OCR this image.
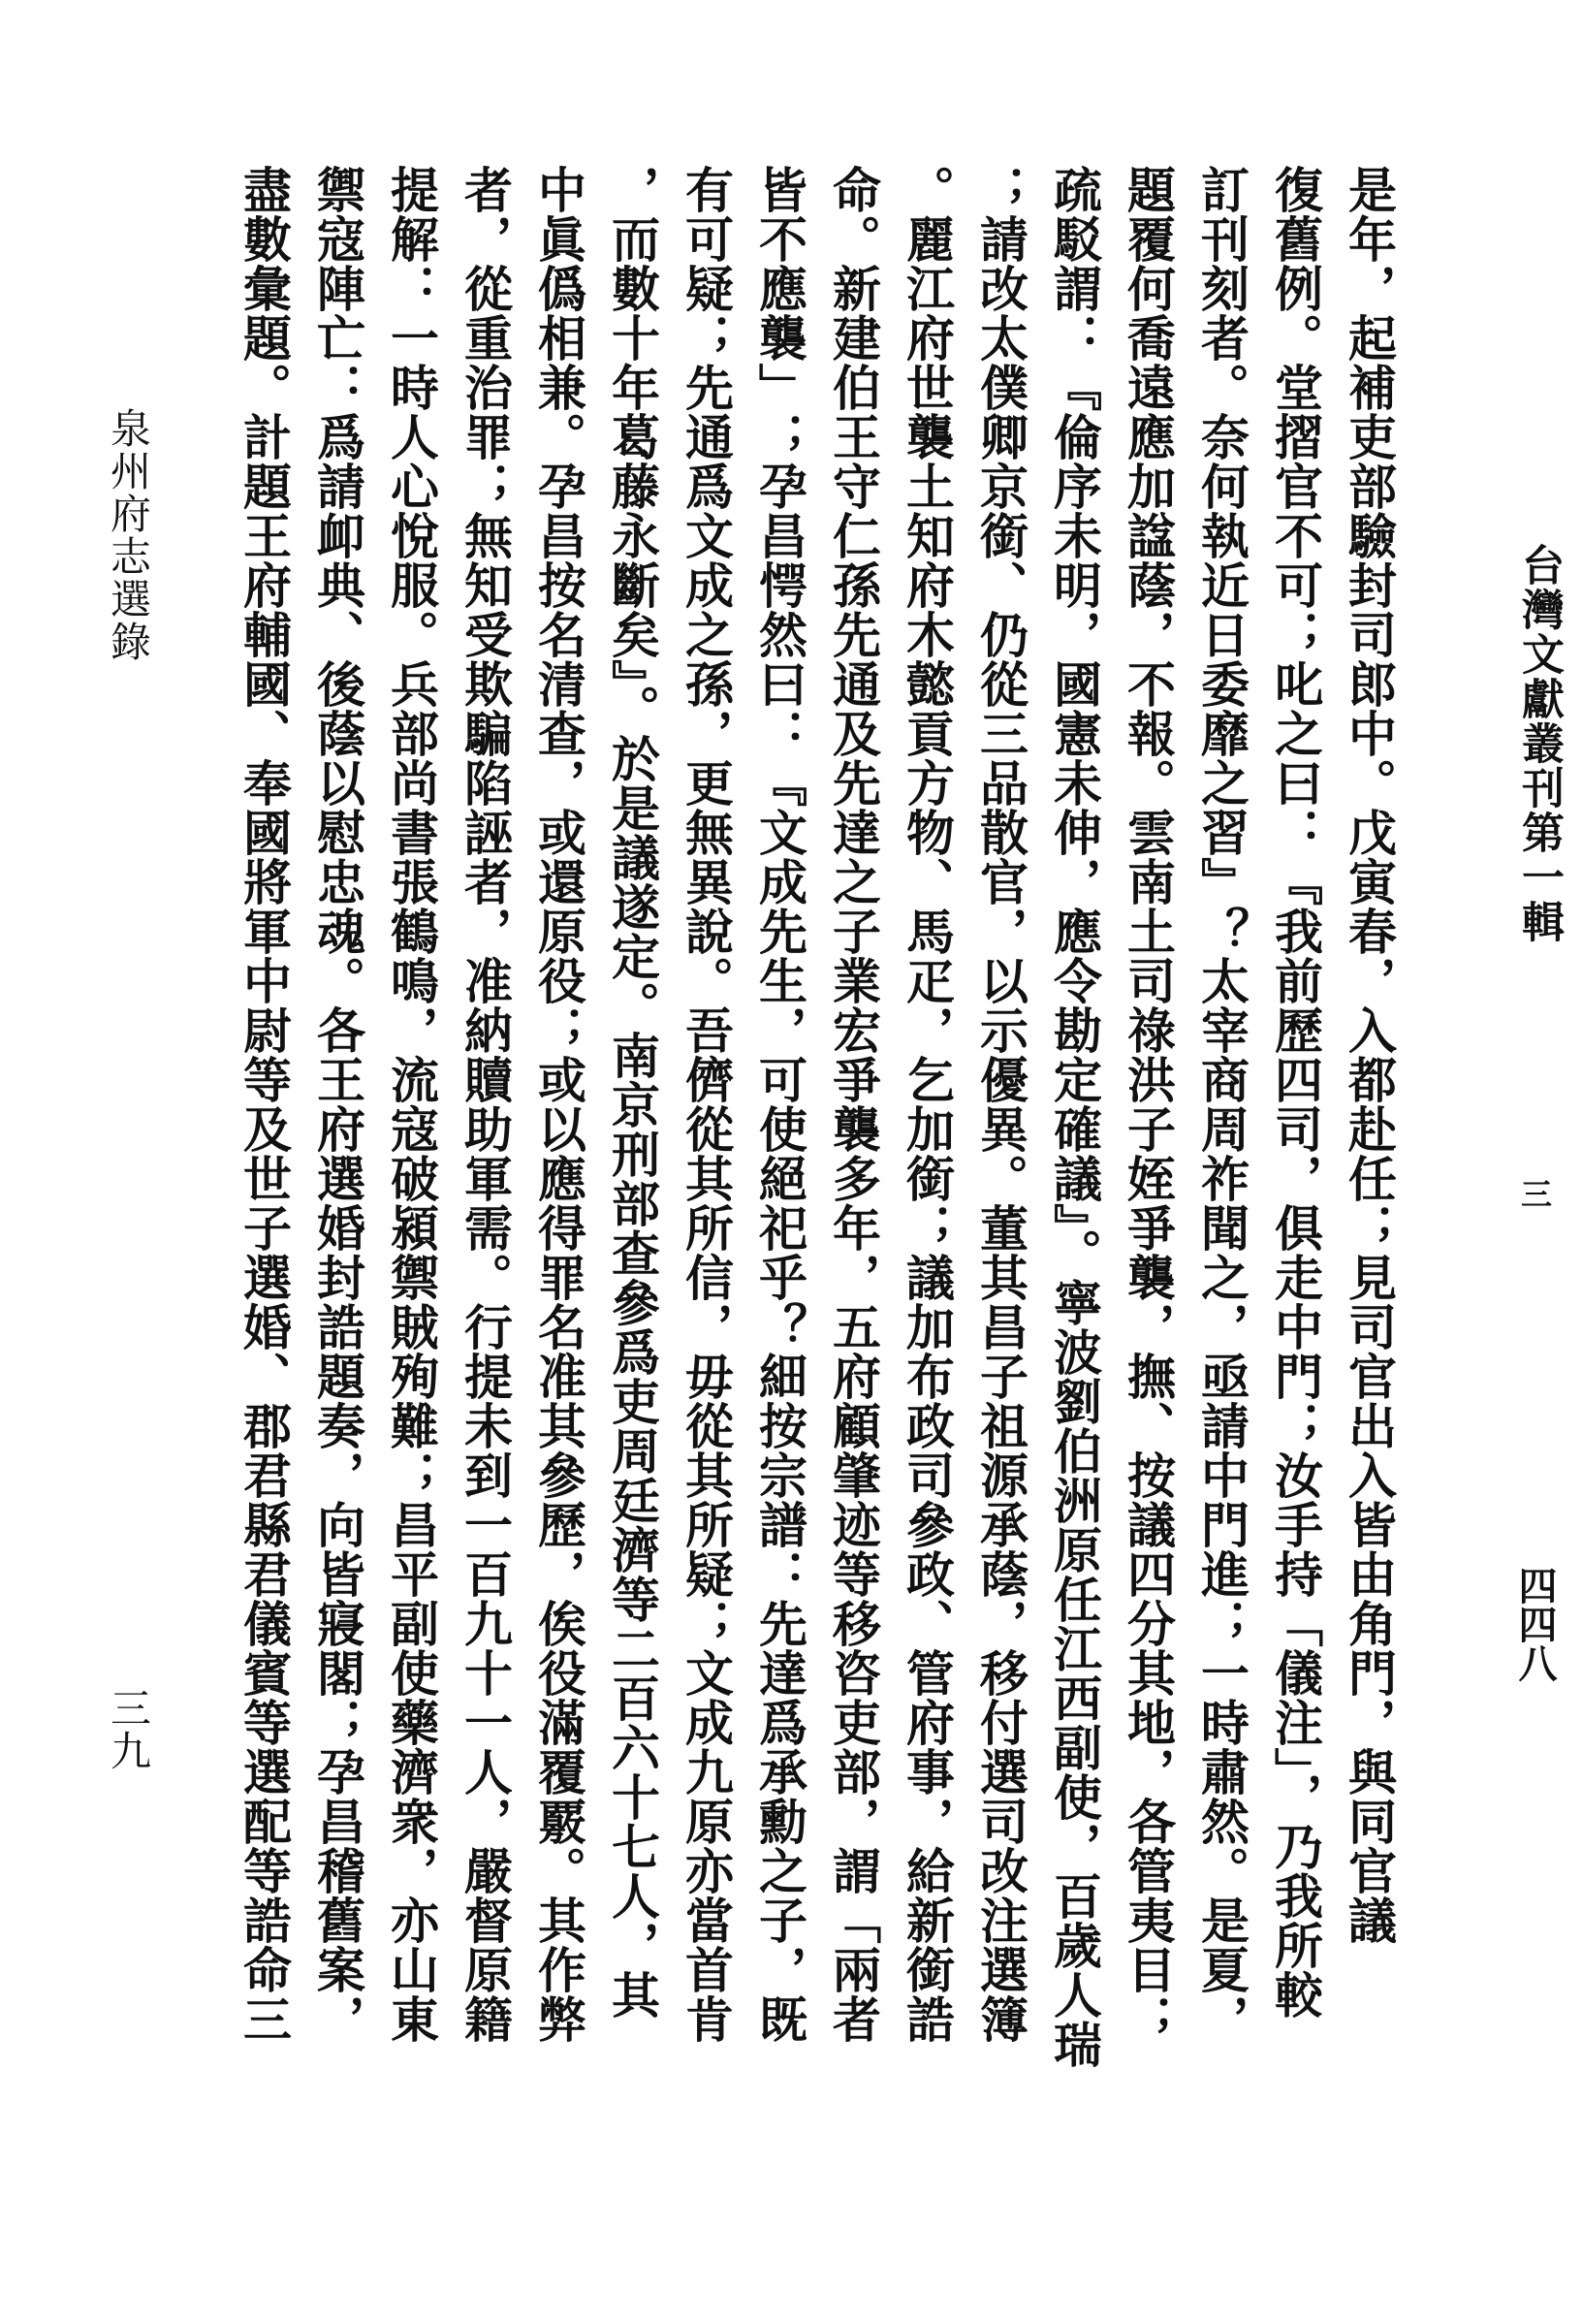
台灣文獻叢刊第一輯
三
四四八
是年，起補吏部驗封司郎中。戊寅春，入都赴任；見司官出入皆由角門，與同官議
復舊例。堂摺官不可；叱之曰：『我前歷四司，俱走中門；汝手持「儀注」，乃我所較
訂刊刻者。奈何執近日委靡之習』？太宰商周祚聞之，亟請中門進；一時肅然。是夏，
題覆何喬遠應加諡蔭，不報。雲南土司祿洪子姪爭襲，撫、按議四分其地，各管夷目；
疏駁謂：『倫序未明，國憲未伸，應令勘定確議』。寧波劉伯洲原任江西副使，百歲人瑞
；請改太僕卿京銜、仍從三品散官，以示優異。董其昌子祖源承蔭，移付選司改注選簿
。麗江府世襲土知府木懿貢方物、馬疋，乞加銜；議加布政司參政、管府事，給新銜誥
命。新建伯王守仁孫先通及先達之子業宏爭襲多年，五府顧肇迹等移咨吏部，謂「兩者
皆不應襲」；孕昌愕然曰：『文成先生，可使絕祀乎？細按宗譜：先達爲承勳之子，既
有可疑；先通爲文成之孫，更無異說。吾儕從其所信，毋從其所疑；文成九原亦當首肯
，而數十年葛藤永斷矣』。於是議遂定。南京刑部查參爲吏周廷濟等二百六十七人，其
中眞僞相兼。孕昌按名清查，或還原役；或以應得罪名准其參歷，俟役滿覆覈。其作弊
者，從重治罪；無知受欺騙陷誣者，准納贖助軍需。行提未到一百九十一人，嚴督原籍
提解：一時人心悅服。兵部尚書張鶴鳴，流寇破潁禦賊殉難；昌平副使藥濟衆，亦山東
禦寇陣亡：爲請卹典、後蔭以慰忠魂。各王府選婚封誥題奏，向皆寢閣；孕昌稽舊案，
盡數彙題。計題王府輔國、奉國將軍中尉等及世子選婚、郡君縣君儀賓等選配等誥命三
泉州府志選錄
三九
